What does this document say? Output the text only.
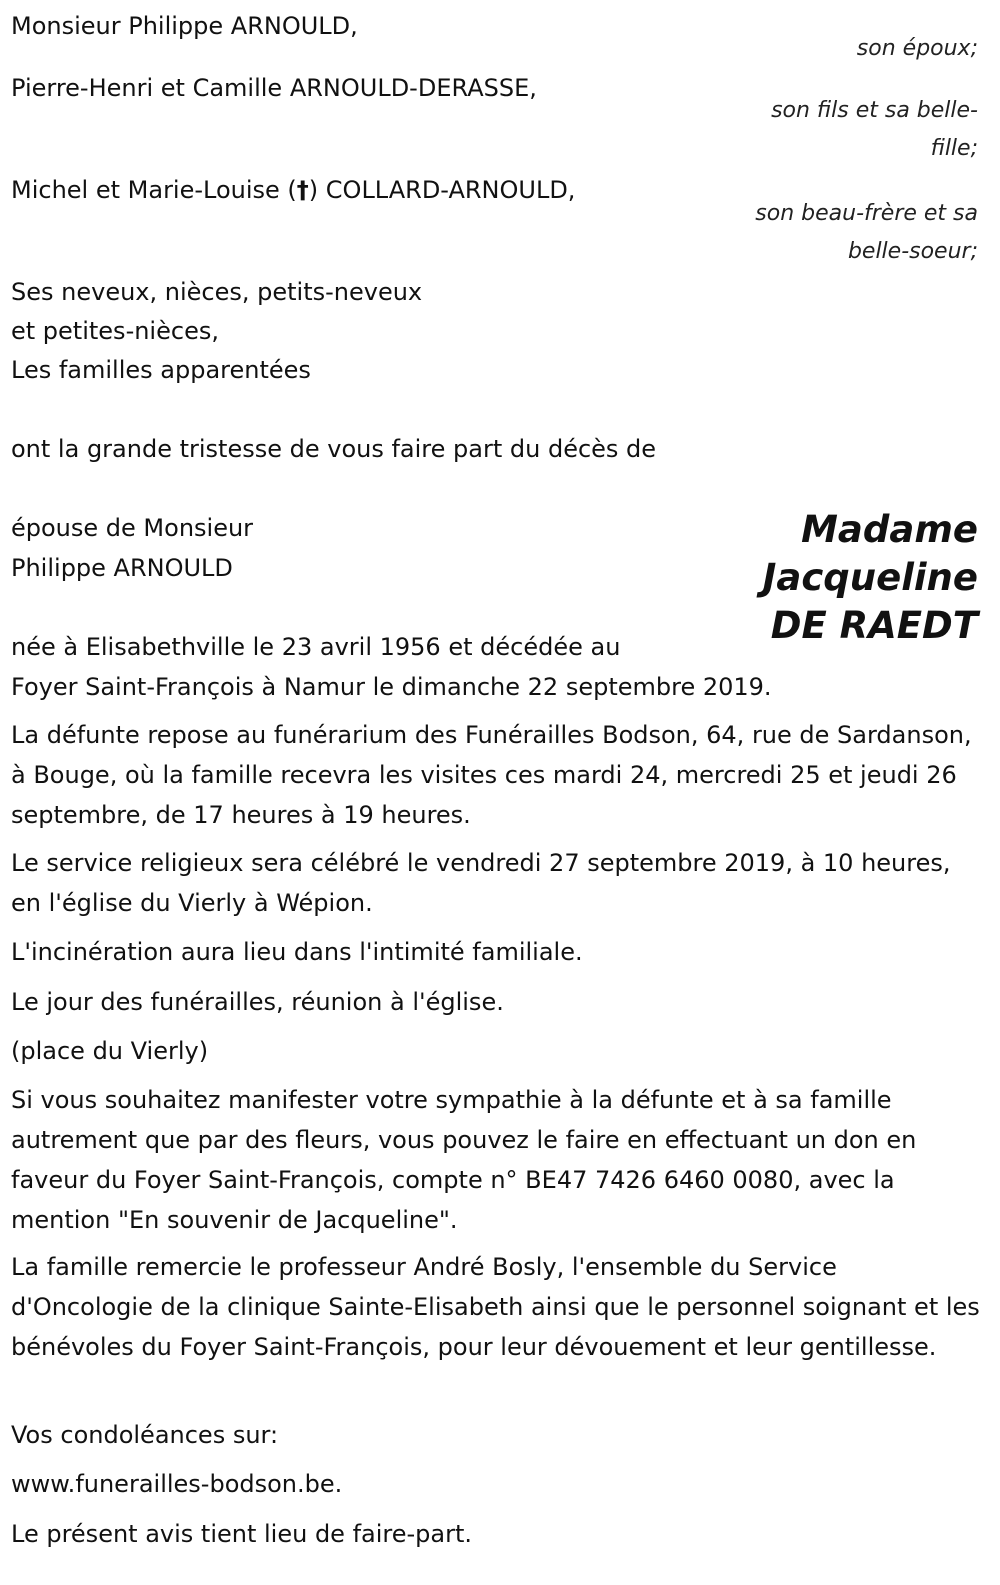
Monsieur Philippe ARNOULD,
son époux;
Pierre-Henri et Camille ARNOULD-DERASSE,
son fils et sa belle-
fille;
Michel et Marie-Louise (†) COLLARD-ARNOULD,
son beau-frère et sa
belle-soeur;
Ses neveux, nièces, petits-neveux
et petites-nièces,
Les familles apparentées
ont la grande tristesse de vous faire part du décès de
épouse de Monsieur
Philippe ARNOULD
Madame
Jacqueline
DE RAEDT
née à Elisabethville le 23 avril 1956 et décédée au
Foyer Saint-François à Namur le dimanche 22 septembre 2019.
La défunte repose au funérarium des Funérailles Bodson, 64, rue de Sardanson, à Bouge, où la famille recevra les visites ces mardi 24, mercredi 25 et jeudi 26 septembre, de 17 heures à 19 heures.
Le service religieux sera célébré le vendredi 27 septembre 2019, à 10 heures, en l'église du Vierly à Wépion.
L'incinération aura lieu dans l'intimité familiale.
Le jour des funérailles, réunion à l'église.
(place du Vierly)
Si vous souhaitez manifester votre sympathie à la défunte et à sa famille autrement que par des fleurs, vous pouvez le faire en effectuant un don en faveur du Foyer Saint-François, compte n° BE47 7426 6460 0080, avec la mention "En souvenir de Jacqueline".
La famille remercie le professeur André Bosly, l'ensemble du Service d'Oncologie de la clinique Sainte-Elisabeth ainsi que le personnel soignant et les bénévoles du Foyer Saint-François, pour leur dévouement et leur gentillesse.
Vos condoléances sur:
www.funerailles-bodson.be.
Le présent avis tient lieu de faire-part.
